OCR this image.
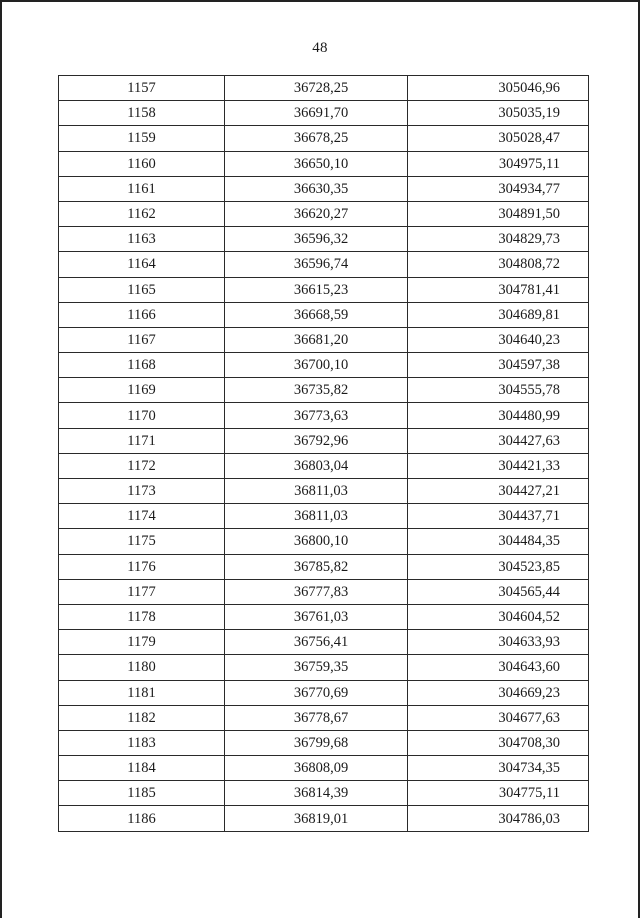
48
1157	36728,25	305046,96
1158	36691,70	305035,19
1159	36678,25	305028,47
1160	36650,10	304975,11
1161	36630,35	304934,77
1162	36620,27	304891,50
1163	36596,32	304829,73
1164	36596,74	304808,72
1165	36615,23	304781,41
1166	36668,59	304689,81
1167	36681,20	304640,23
1168	36700,10	304597,38
1169	36735,82	304555,78
1170	36773,63	304480,99
1171	36792,96	304427,63
1172	36803,04	304421,33
1173	36811,03	304427,21
1174	36811,03	304437,71
1175	36800,10	304484,35
1176	36785,82	304523,85
1177	36777,83	304565,44
1178	36761,03	304604,52
1179	36756,41	304633,93
1180	36759,35	304643,60
1181	36770,69	304669,23
1182	36778,67	304677,63
1183	36799,68	304708,30
1184	36808,09	304734,35
1185	36814,39	304775,11
1186	36819,01	304786,03
